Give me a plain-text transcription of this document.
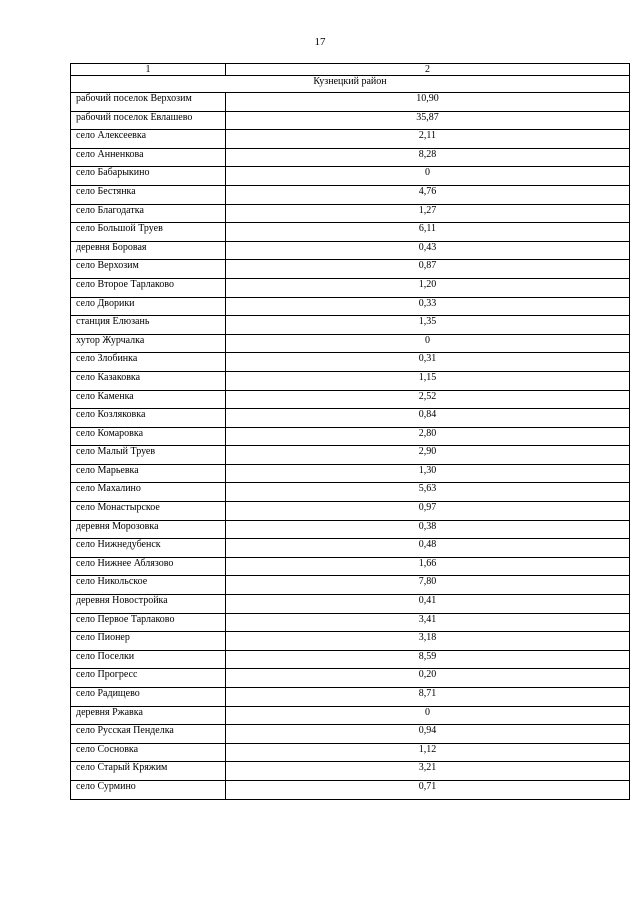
17
1	2
Кузнецкий район	
рабочий поселок Верхозим	10,90
рабочий поселок Евлашево	35,87
село Алексеевка	2,11
село Анненкова	8,28
село Бабарыкино	0
село Бестянка	4,76
село Благодатка	1,27
село Большой Труев	6,11
деревня Боровая	0,43
село Верхозим	0,87
село Второе Тарлаково	1,20
село Дворики	0,33
станция Елюзань	1,35
хутор Журчалка	0
село Злобинка	0,31
село Казаковка	1,15
село Каменка	2,52
село Козляковка	0,84
село Комаровка	2,80
село Малый Труев	2,90
село Марьевка	1,30
село Махалино	5,63
село Монастырское	0,97
деревня Морозовка	0,38
село Нижнедубенск	0,48
село Нижнее Аблязово	1,66
село Никольское	7,80
деревня Новостройка	0,41
село Первое Тарлаково	3,41
село Пионер	3,18
село Поселки	8,59
село Прогресс	0,20
село Радищево	8,71
деревня Ржавка	0
село Русская Пенделка	0,94
село Сосновка	1,12
село Старый Кряжим	3,21
село Сурмино	0,71
